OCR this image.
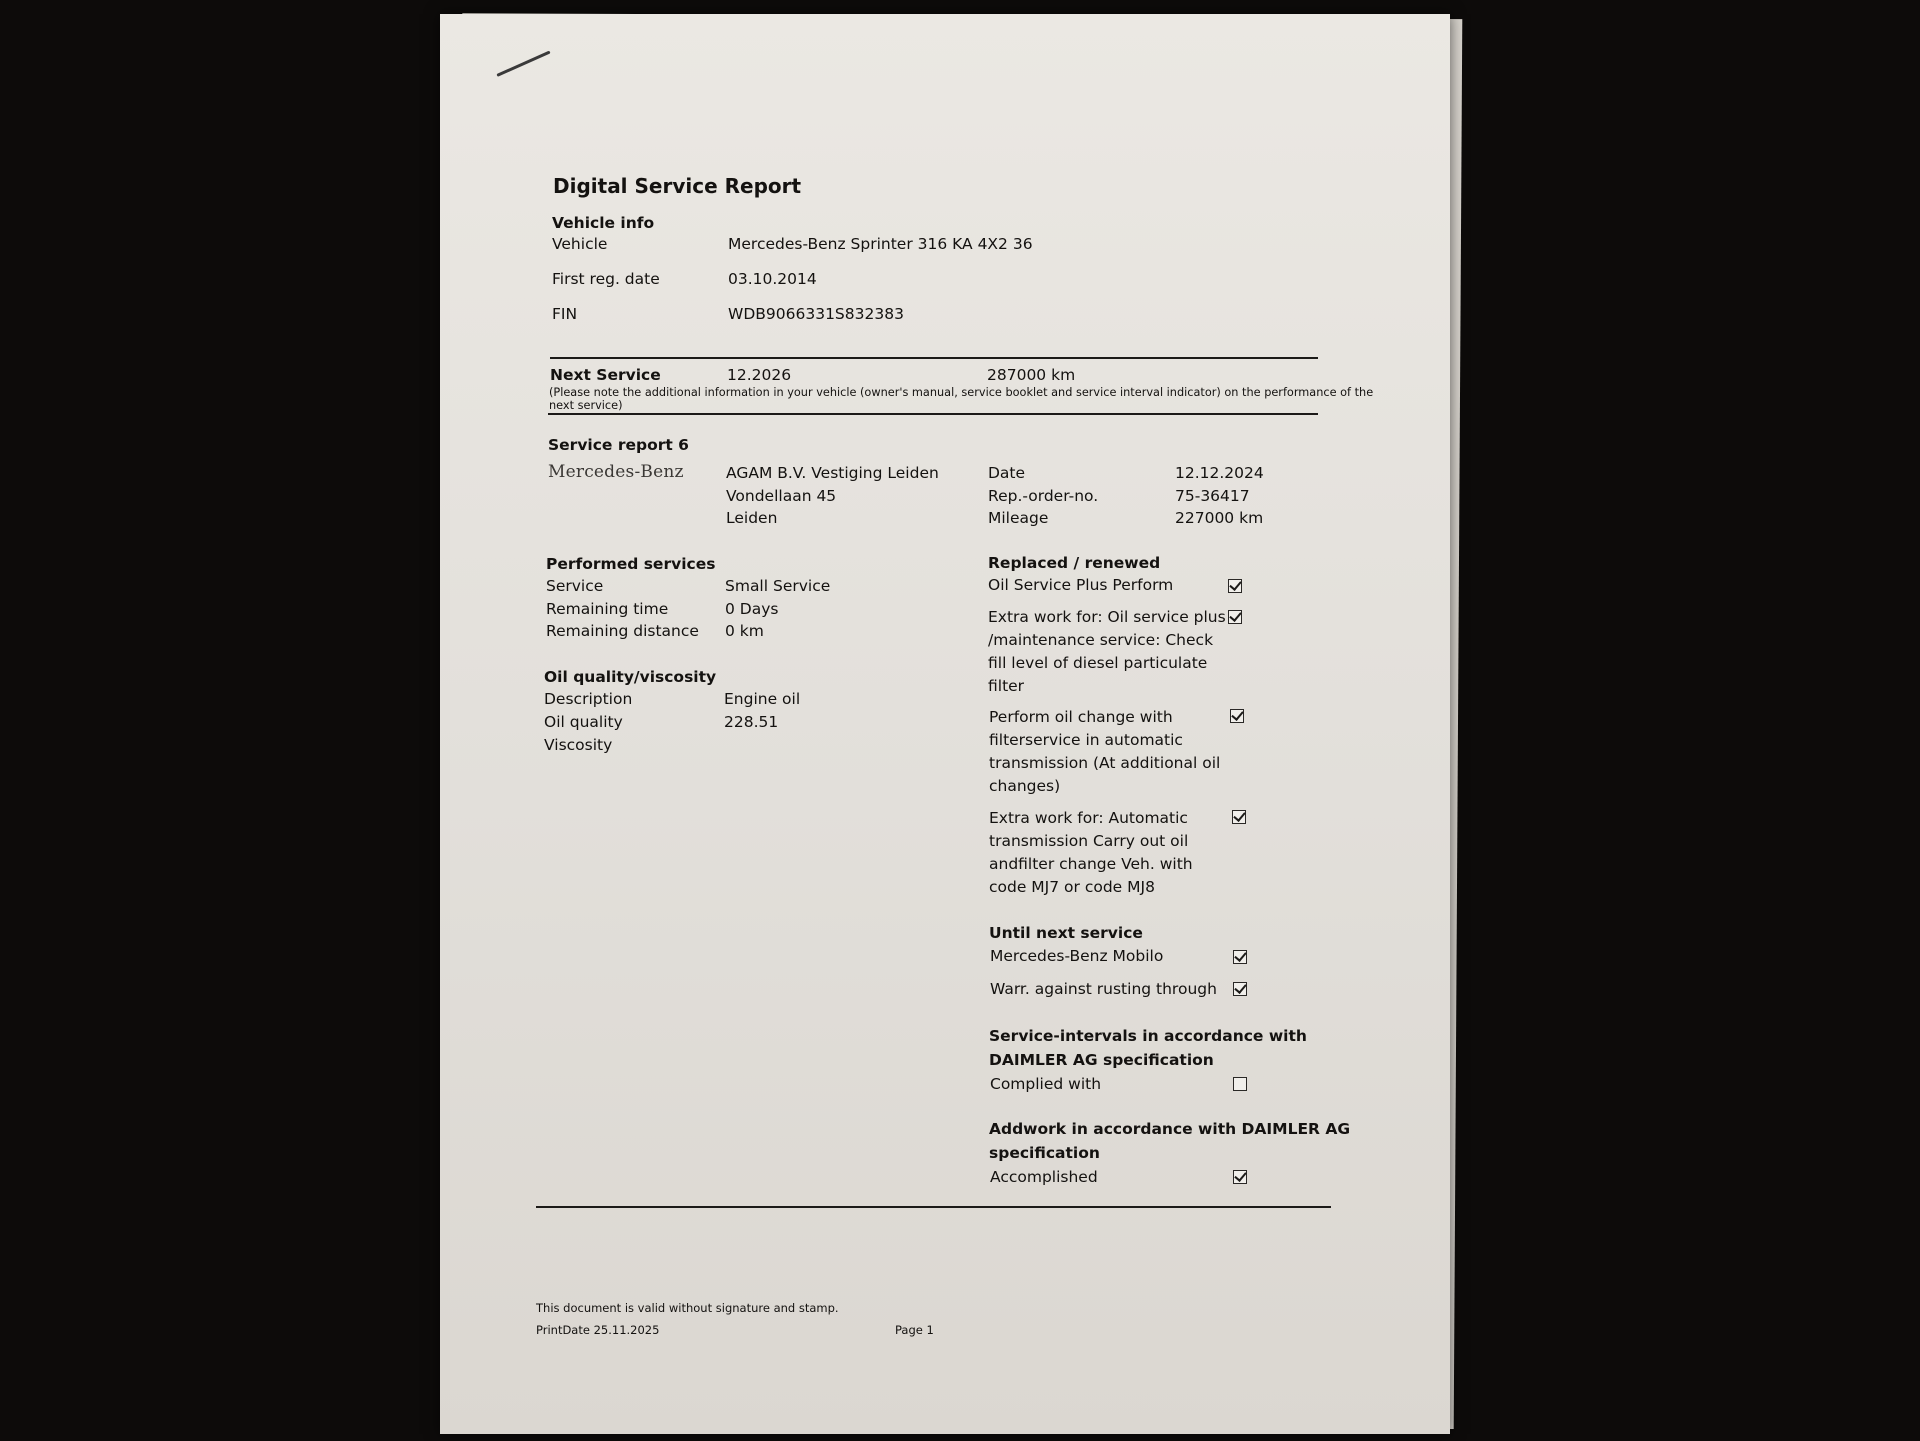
Digital Service Report
Vehicle info
Vehicle	Mercedes-Benz Sprinter 316 KA 4X2 36
First reg. date	03.10.2014
FIN	WDB9066331S832383
Next Service	12.2026	287000 km
(Please note the additional information in your vehicle (owner's manual, service booklet and service interval indicator) on the performance of the
next service)
Service report 6
Mercedes-Benz	AGAM B.V. Vestiging Leiden
Vondellaan 45
Leiden
Date	12.12.2024
Rep.-order-no.	75-36417
Mileage	227000 km
Performed services
Service	Small Service
Remaining time	0 Days
Remaining distance 0 km
Oil quality/viscosity
Description	Engine oil
Oil quality	228.51
Viscosity
Replaced / renewed
Oil Service Plus Perform
Extra work for: Oil service plus /maintenance service: Check fill level of diesel particulate filter
Perform oil change with filterservice in automatic transmission (At additional oil changes)
Extra work for: Automatic transmission Carry out oil andfilter change Veh. with code MJ7 or code MJ8
Until next service
Mercedes-Benz Mobilo
Warr. against rusting through
Service-intervals in accordance with
DAIMLER AG specification
Complied with
Addwork in accordance with DAIMLER AG
specification
Accomplished
This document is valid without signature and stamp.
PrintDate 25.11.2025	Page 1
